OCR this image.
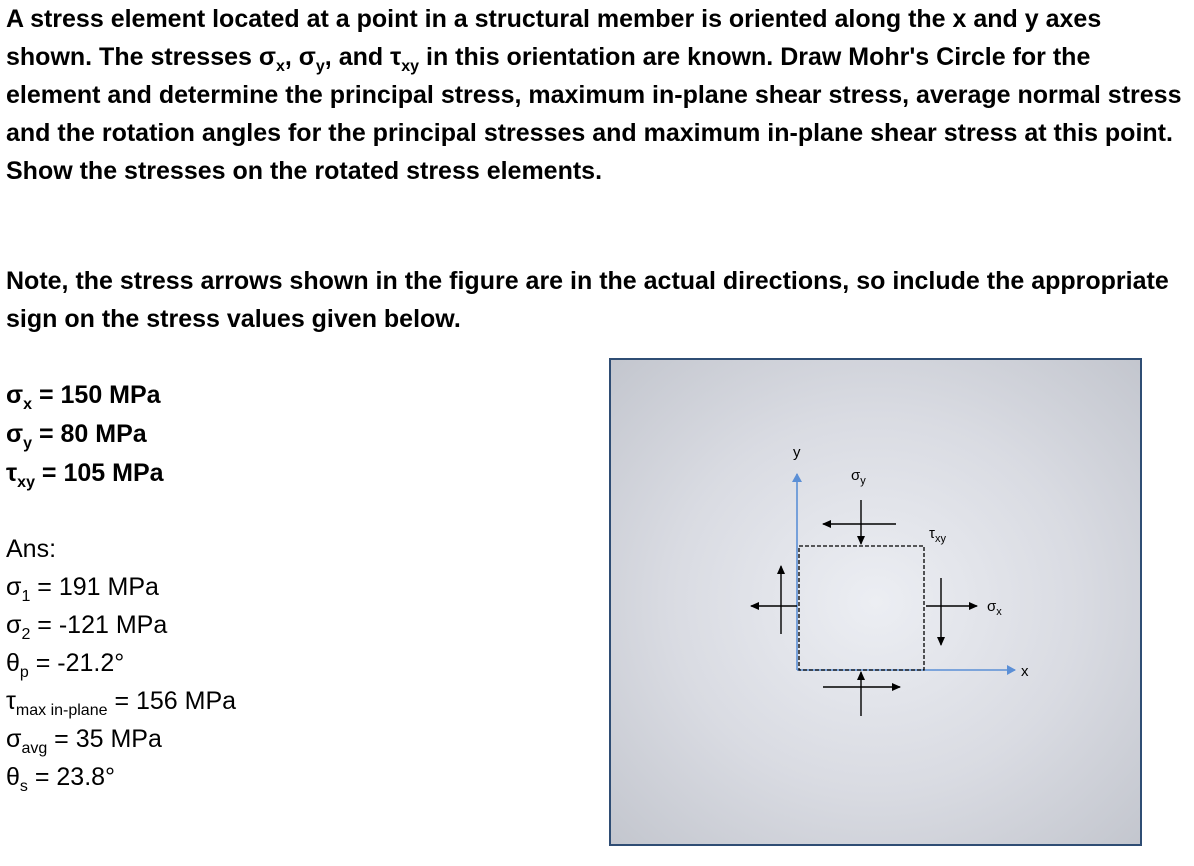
A stress element located at a point in a structural member is oriented along the x and y axes shown. The stresses $\sigma_x$, $\sigma_y$, and $\tau_{xy}$ in this orientation are known. Draw Mohr's Circle for the element and determine the principal stress, maximum in-plane shear stress, average normal stress and the rotation angles for the principal stresses and maximum in-plane shear stress at this point. Show the stresses on the rotated stress elements.

Note, the stress arrows shown in the figure are in the actual directions, so include the appropriate sign on the stress values given below.
$\sigma_x = 150$ MPa
$\sigma_y = 80$ MPa
$\tau_{xy} = 105$ MPa
Ans:
$\sigma_1 = 191$ MPa
$\sigma_2 = -121$ MPa
$\theta_p = -21.2^\circ$
$\tau_{max in-plane} = 156$ MPa
$\sigma_{avg} = 35$ MPa
$\theta_s = 23.8^\circ$
y
x
$\sigma_y$
$\tau_{xy}$
$\sigma_x$
